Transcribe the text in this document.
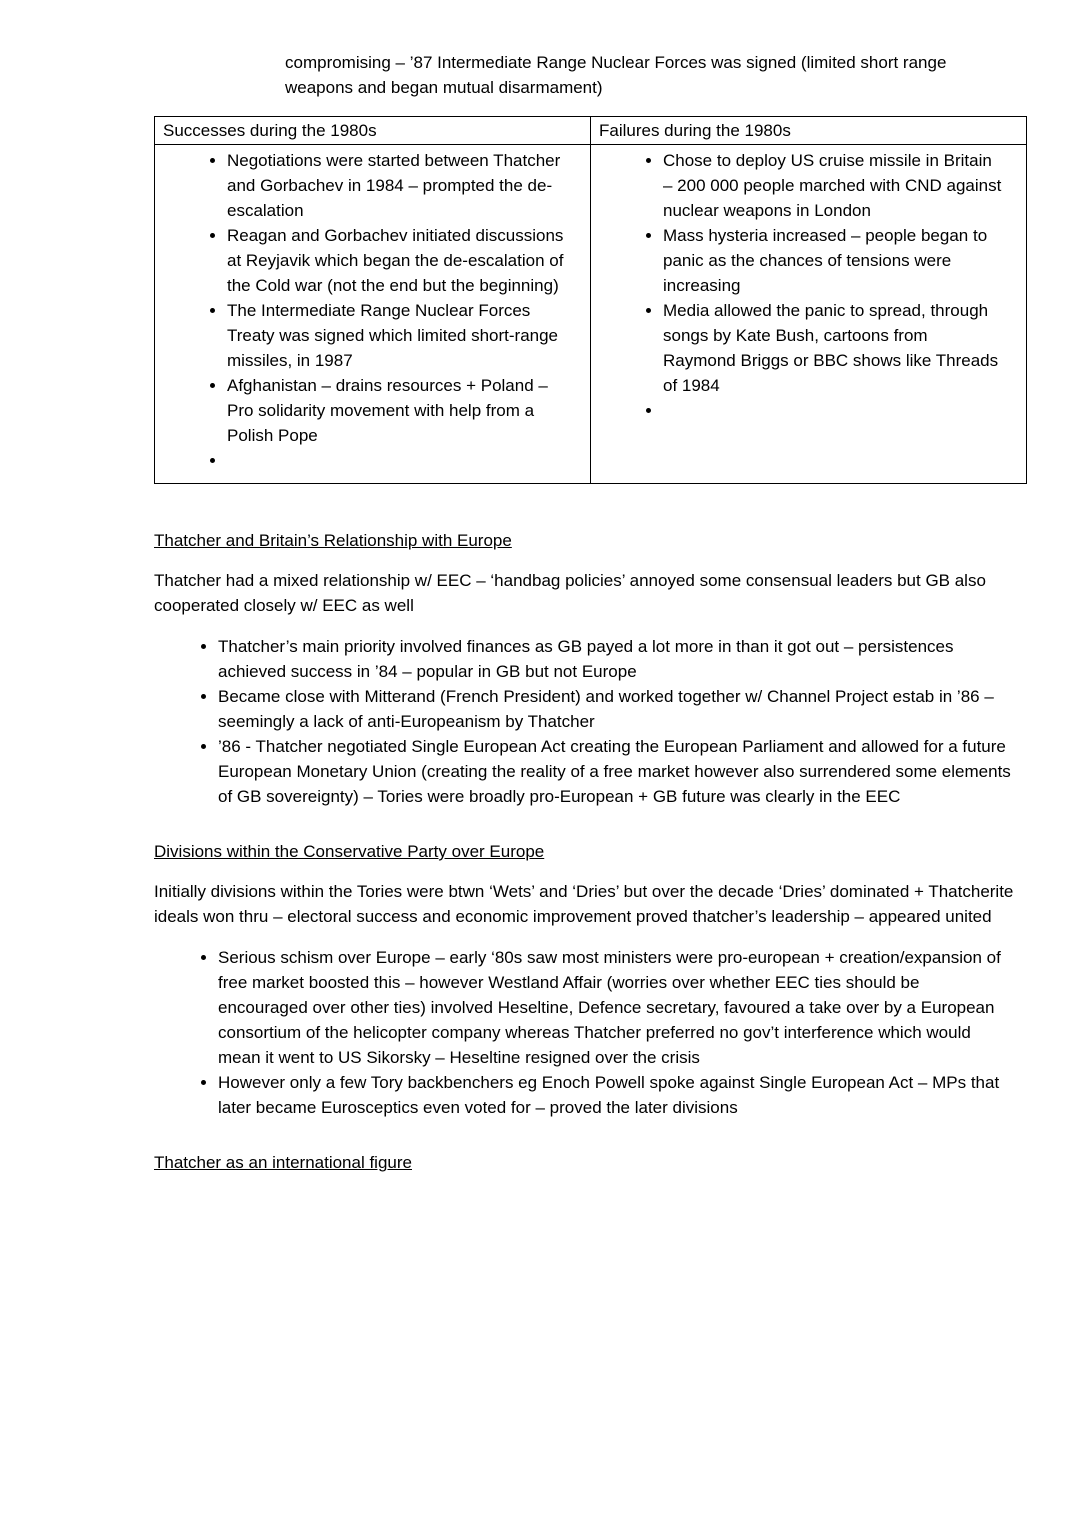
compromising – ’87 Intermediate Range Nuclear Forces was signed (limited short range weapons and began mutual disarmament)

Successes during the 1980s	Failures during the 1980s

• Negotiations were started between Thatcher and Gorbachev in 1984 – prompted the de-escalation
• Reagan and Gorbachev initiated discussions at Reyjavik which began the de-escalation of the Cold war (not the end but the beginning)
• The Intermediate Range Nuclear Forces Treaty was signed which limited short-range missiles, in 1987
• Afghanistan – drains resources + Poland – Pro solidarity movement with help from a Polish Pope
•

• Chose to deploy US cruise missile in Britain – 200 000 people marched with CND against nuclear weapons in London
• Mass hysteria increased – people began to panic as the chances of tensions were increasing
• Media allowed the panic to spread, through songs by Kate Bush, cartoons from Raymond Briggs or BBC shows like Threads of 1984
•
Thatcher and Britain’s Relationship with Europe

Thatcher had a mixed relationship w/ EEC – ‘handbag policies’ annoyed some consensual leaders but GB also cooperated closely w/ EEC as well

• Thatcher’s main priority involved finances as GB payed a lot more in than it got out – persistences achieved success in ’84 – popular in GB but not Europe
• Became close with Mitterand (French President) and worked together w/ Channel Project estab in ’86 – seemingly a lack of anti-Europeanism by Thatcher
• ’86 - Thatcher negotiated Single European Act creating the European Parliament and allowed for a future European Monetary Union (creating the reality of a free market however also surrendered some elements of GB sovereignty) – Tories were broadly pro-European + GB future was clearly in the EEC
Divisions within the Conservative Party over Europe

Initially divisions within the Tories were btwn ‘Wets’ and ‘Dries’ but over the decade ‘Dries’ dominated + Thatcherite ideals won thru – electoral success and economic improvement proved thatcher’s leadership – appeared united

• Serious schism over Europe – early ‘80s saw most ministers were pro-european + creation/expansion of free market boosted this – however Westland Affair (worries over whether EEC ties should be encouraged over other ties) involved Heseltine, Defence secretary, favoured a take over by a European consortium of the helicopter company whereas Thatcher preferred no gov’t interference which would mean it went to US Sikorsky – Heseltine resigned over the crisis
• However only a few Tory backbenchers eg Enoch Powell spoke against Single European Act – MPs that later became Eurosceptics even voted for – proved the later divisions
Thatcher as an international figure
